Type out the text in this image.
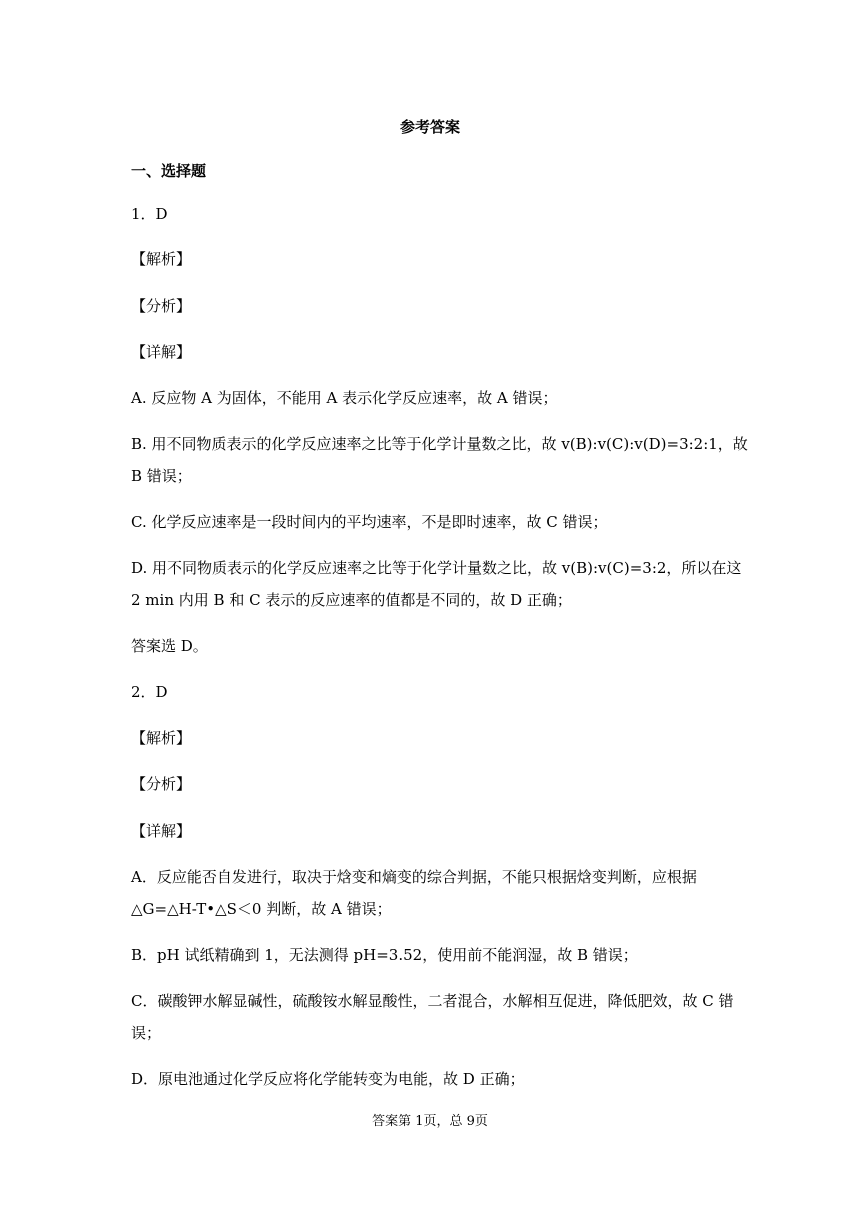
参考答案
一、选择题
1．D
【解析】
【分析】
【详解】
A. 反应物 A 为固体，不能用 A 表示化学反应速率，故 A 错误；
B. 用不同物质表示的化学反应速率之比等于化学计量数之比，故 v(B):v(C):v(D)=3:2:1，故
B 错误；
C. 化学反应速率是一段时间内的平均速率，不是即时速率，故 C 错误；
D. 用不同物质表示的化学反应速率之比等于化学计量数之比，故 v(B):v(C)=3:2，所以在这
2 min 内用 B 和 C 表示的反应速率的值都是不同的，故 D 正确；
答案选 D。
2．D
【解析】
【分析】
【详解】
A．反应能否自发进行，取决于焓变和熵变的综合判据，不能只根据焓变判断，应根据
△G=△H-T•△S＜0 判断，故 A 错误；
B．pH 试纸精确到 1，无法测得 pH=3.52，使用前不能润湿，故 B 错误；
C．碳酸钾水解显碱性，硫酸铵水解显酸性，二者混合，水解相互促进，降低肥效，故 C 错
误；
D．原电池通过化学反应将化学能转变为电能，故 D 正确；
答案第 1页，总 9页
